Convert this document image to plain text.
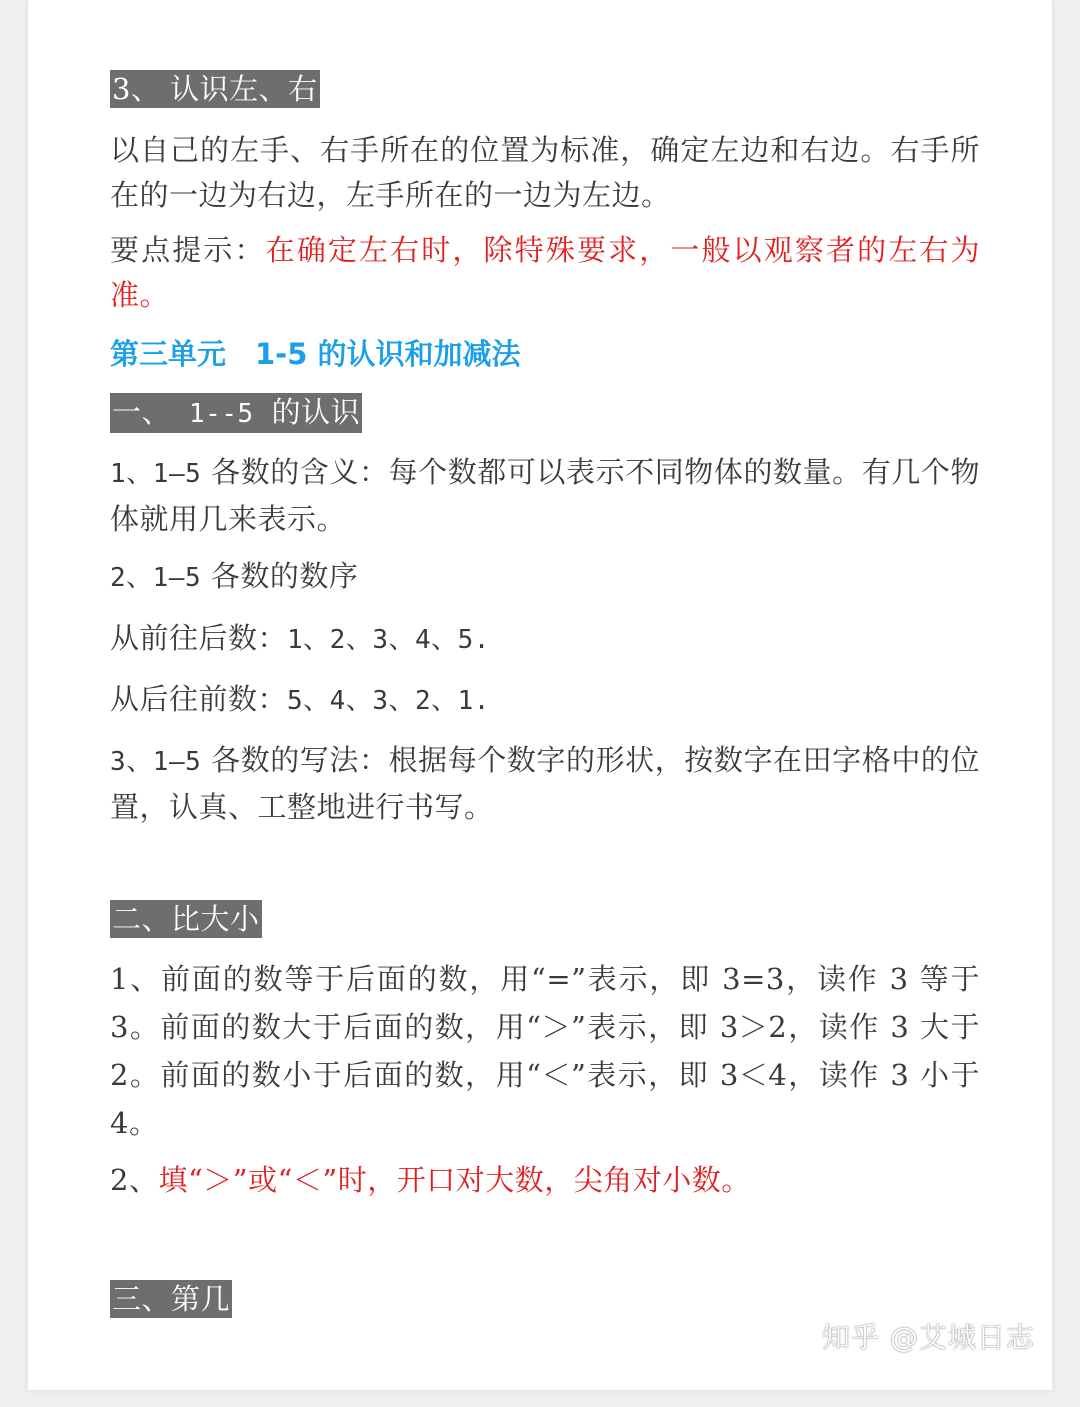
3、 认识左、右
以自己的左手、右手所在的位置为标准，确定左边和右边。右手所在的一边为右边，左手所在的一边为左边。
要点提示：在确定左右时，除特殊要求，一般以观察者的左右为准。
第三单元　1-5 的认识和加减法
一、 1--5 的认识
1、1—5 各数的含义：每个数都可以表示不同物体的数量。有几个物体就用几来表示。
2、1—5 各数的数序
从前往后数：1、2、3、4、5.
从后往前数：5、4、3、2、1.
3、1—5 各数的写法：根据每个数字的形状，按数字在田字格中的位置，认真、工整地进行书写。
二、比大小
1、前面的数等于后面的数，用“=”表示，即 3=3，读作 3 等于 3。前面的数大于后面的数，用“＞”表示，即 3＞2，读作 3 大于 2。前面的数小于后面的数，用“＜”表示，即 3＜4，读作 3 小于 4。
2、填“＞”或“＜”时，开口对大数，尖角对小数。
三、第几
知乎 @艾城日志
